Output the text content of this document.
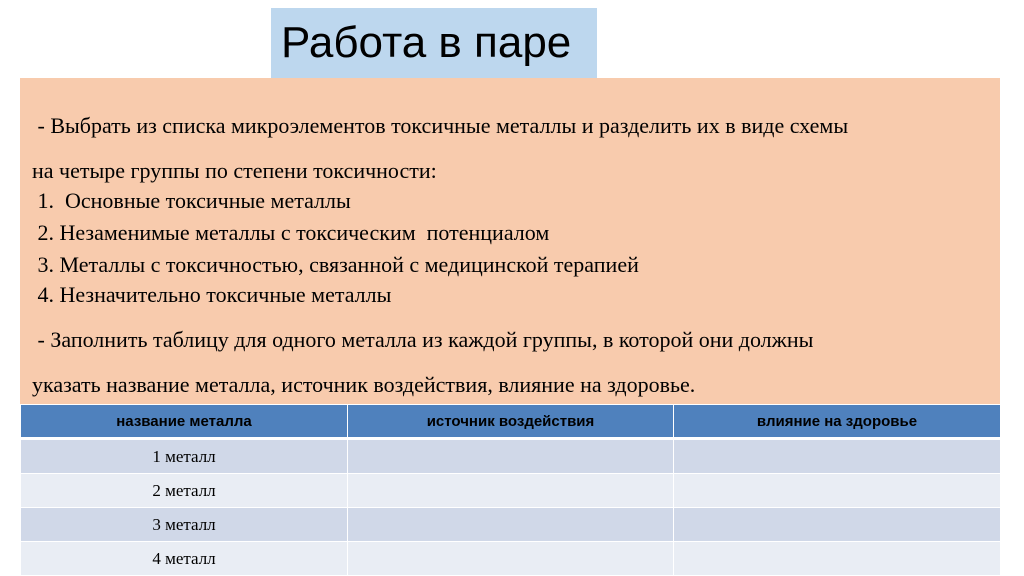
Работа в паре
- Выбрать из списка микроэлементов токсичные металлы и разделить их в виде схемы
на четыре группы по степени токсичности:
1.  Основные токсичные металлы
2. Незаменимые металлы с токсическим  потенциалом
3. Металлы с токсичностью, связанной с медицинской терапией
4. Незначительно токсичные металлы
- Заполнить таблицу для одного металла из каждой группы, в которой они должны
указать название металла, источник воздействия, влияние на здоровье.
название металла	источник воздействия	влияние на здоровье
1 металл		
2 металл		
3 металл		
4 металл		
